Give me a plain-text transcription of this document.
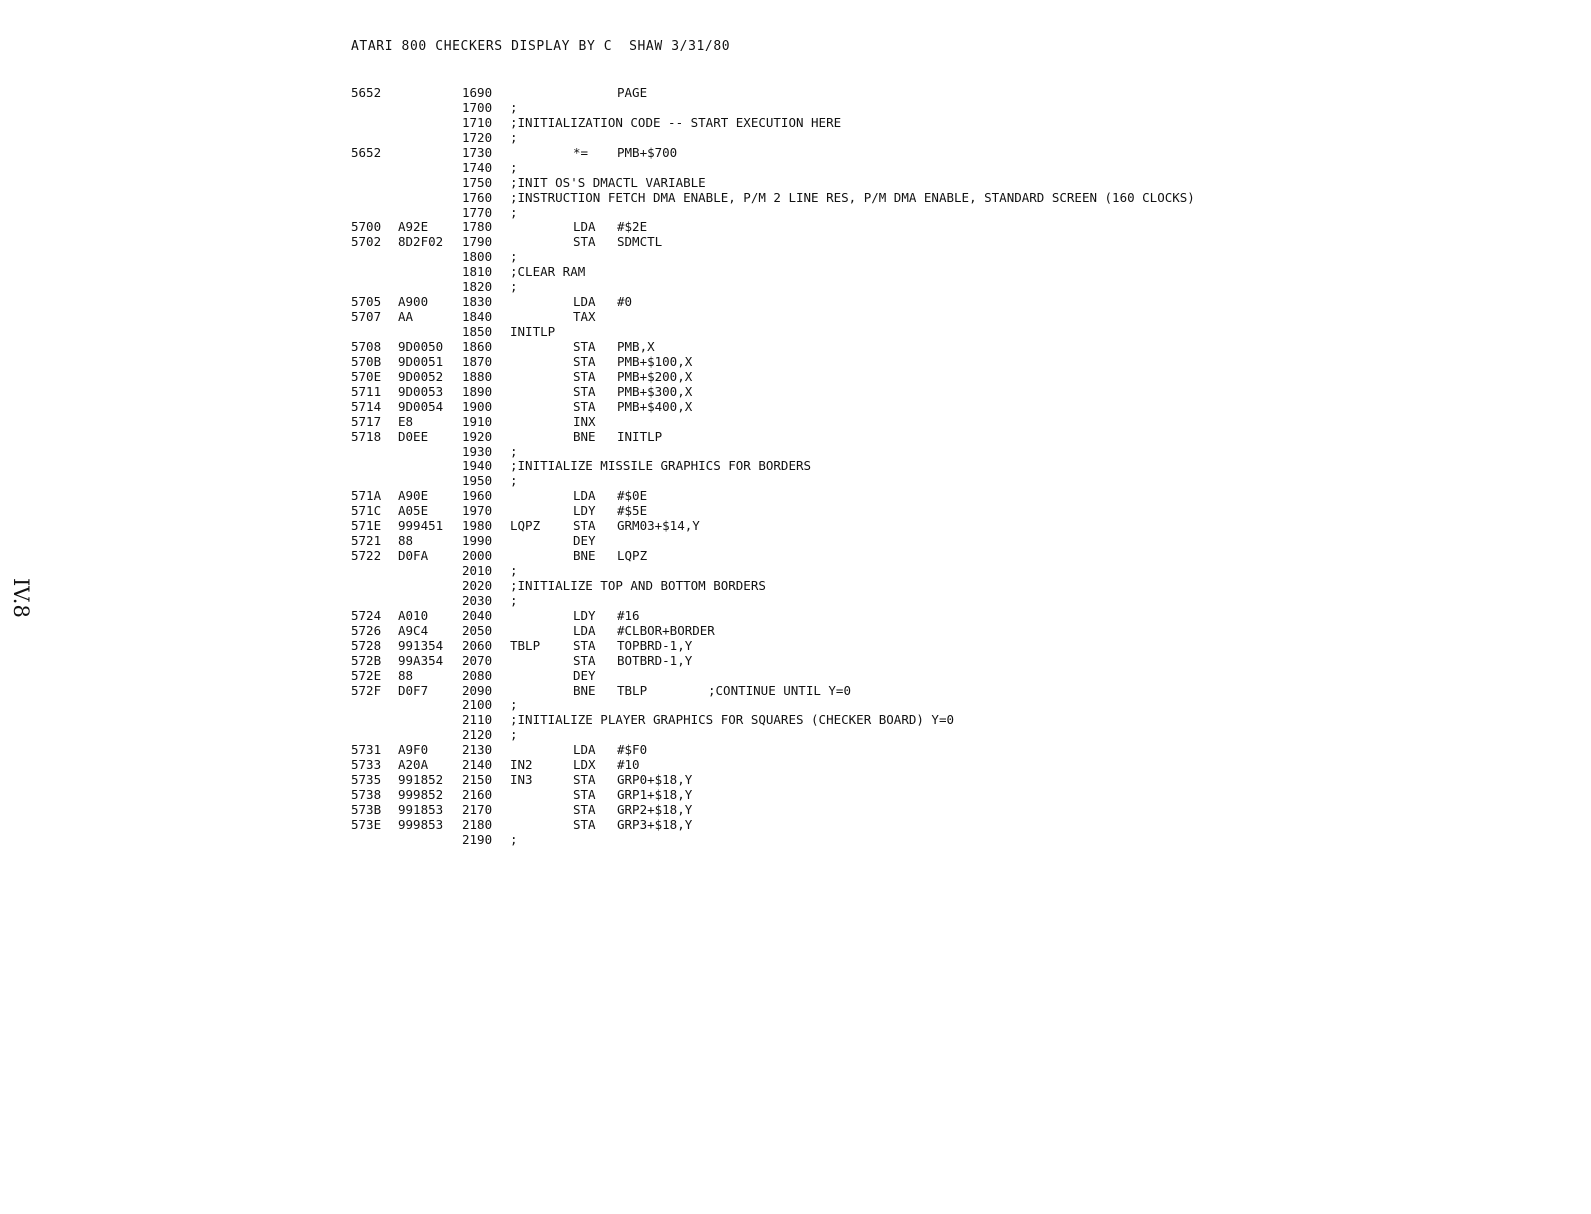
ATARI 800 CHECKERS DISPLAY BY C  SHAW 3/31/80
5652	1690	PAGE
1700 ;
1710 ;INITIALIZATION CODE -- START EXECUTION HERE
1720 ;
5652	1730	*= PMB+$700
1740 ;
1750 ;INIT OS'S DMACTL VARIABLE
1760 ;INSTRUCTION FETCH DMA ENABLE, P/M 2 LINE RES, P/M DMA ENABLE, STANDARD SCREEN (160 CLOCKS)
1770 ;
5700 A92E	1780	LDA #$2E
5702 8D2F02 1790	STA SDMCTL
1800 ;
1810 ;CLEAR RAM
1820 ;
5705 A900	1830	LDA #0
5707 AA	1840	TAX
1850 INITLP
5708 9D0050 1860	STA PMB,X
570B 9D0051 1870	STA PMB+$100,X
570E 9D0052 1880	STA PMB+$200,X
5711 9D0053 1890	STA PMB+$300,X
5714 9D0054 1900	STA PMB+$400,X
5717 E8	1910	INX
5718 D0EE	1920	BNE INITLP
1930 ;
1940 ;INITIALIZE MISSILE GRAPHICS FOR BORDERS
1950 ;
571A A90E	1960	LDA #$0E
571C A05E	1970	LDY #$5E
571E 999451 1980 LQPZ	STA GRM03+$14,Y
5721 88	1990	DEY
5722 D0FA	2000	BNE LQPZ
2010 ;
2020 ;INITIALIZE TOP AND BOTTOM BORDERS
2030 ;
5724 A010	2040	LDY #16
5726 A9C4	2050	LDA #CLBOR+BORDER
5728 991354 2060 TBLP	STA TOPBRD-1,Y
572B 99A354 2070	STA BOTBRD-1,Y
572E 88	2080	DEY
572F D0F7	2090	BNE TBLP	;CONTINUE UNTIL Y=0
2100 ;
2110 ;INITIALIZE PLAYER GRAPHICS FOR SQUARES (CHECKER BOARD) Y=0
2120 ;
5731 A9F0	2130	LDA #$F0
5733 A20A	2140 IN2	LDX #10
5735 991852 2150 IN3	STA GRP0+$18,Y
5738 999852 2160	STA GRP1+$18,Y
573B 991853 2170	STA GRP2+$18,Y
573E 999853 2180	STA GRP3+$18,Y
2190 ;
IV.8
